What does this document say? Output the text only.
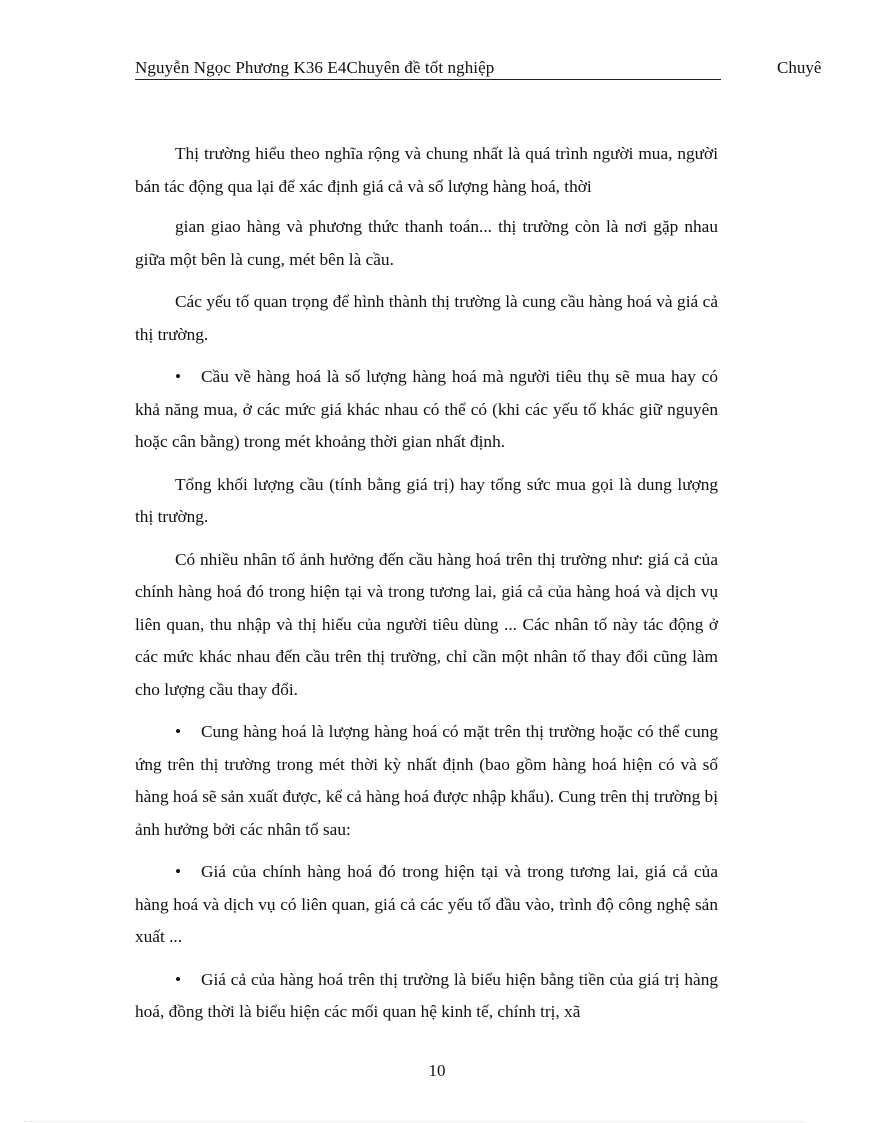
Nguyễn Ngọc Phương K36 E4Chuyên đề tốt nghiệp	Chuyê

Thị trường hiểu theo nghĩa rộng và chung nhất là quá trình người mua, người bán tác động qua lại để xác định giá cả và số lượng hàng hoá, thời

gian giao hàng và phương thức thanh toán... thị trường còn là nơi gặp nhau giữa một bên là cung, mét bên là cầu.

Các yếu tố quan trọng để hình thành thị trường là cung cầu hàng hoá và giá cả thị trường.

• Cầu về hàng hoá là số lượng hàng hoá mà người tiêu thụ sẽ mua hay có khả năng mua, ở các mức giá khác nhau có thể có (khi các yếu tố khác giữ nguyên hoặc cân bằng) trong mét khoảng thời gian nhất định.

Tổng khối lượng cầu (tính bằng giá trị) hay tổng sức mua gọi là dung lượng thị trường.

Có nhiều nhân tố ảnh hưởng đến cầu hàng hoá trên thị trường như: giá cả của chính hàng hoá đó trong hiện tại và trong tương lai, giá cả của hàng hoá và dịch vụ liên quan, thu nhập và thị hiếu của người tiêu dùng ... Các nhân tố này tác động ở các mức khác nhau đến cầu trên thị trường, chỉ cần một nhân tố thay đổi cũng làm cho lượng cầu thay đổi.

• Cung hàng hoá là lượng hàng hoá có mặt trên thị trường hoặc có thể cung ứng trên thị trường trong mét thời kỳ nhất định (bao gồm hàng hoá hiện có và số hàng hoá sẽ sản xuất được, kể cả hàng hoá được nhập khẩu). Cung trên thị trường bị ảnh hưởng bởi các nhân tố sau:

• Giá của chính hàng hoá đó trong hiện tại và trong tương lai, giá cả của hàng hoá và dịch vụ có liên quan, giá cả các yếu tố đầu vào, trình độ công nghệ sản xuất ...

• Giá cả của hàng hoá trên thị trường là biểu hiện bằng tiền của giá trị hàng hoá, đồng thời là biểu hiện các mối quan hệ kinh tế, chính trị, xã

10
